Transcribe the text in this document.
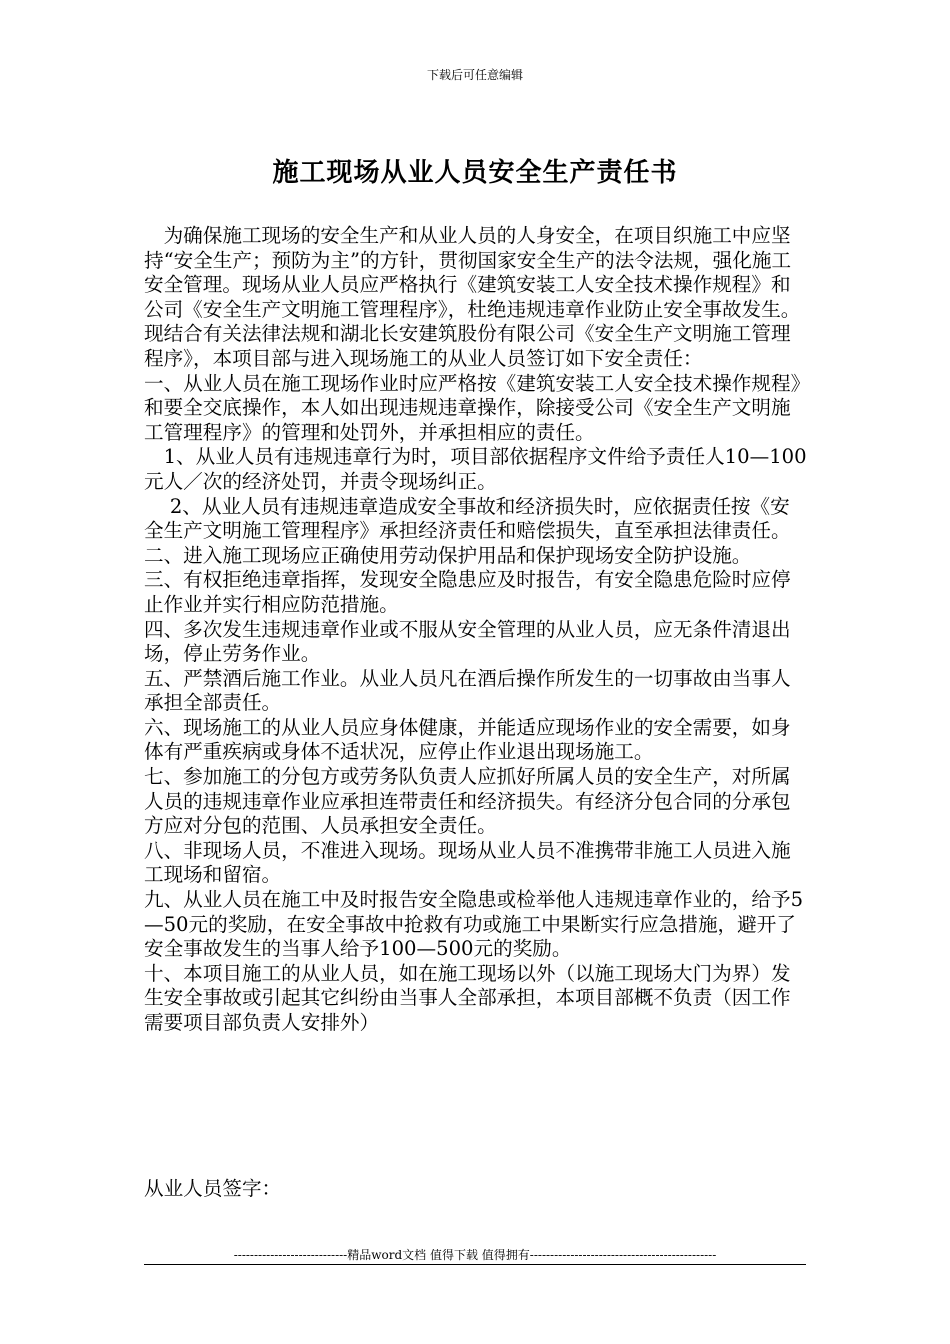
下载后可任意编辑
施工现场从业人员安全生产责任书

　为确保施工现场的安全生产和从业人员的人身安全，在项目织施工中应坚持“安全生产；预防为主”的方针，贯彻国家安全生产的法令法规，强化施工安全管理。现场从业人员应严格执行《建筑安装工人安全技术操作规程》和公司《安全生产文明施工管理程序》，杜绝违规违章作业防止安全事故发生。现结合有关法律法规和湖北长安建筑股份有限公司《安全生产文明施工管理程序》，本项目部与进入现场施工的从业人员签订如下安全责任：

一、从业人员在施工现场作业时应严格按《建筑安装工人安全技术操作规程》和要全交底操作，本人如出现违规违章操作，除接受公司《安全生产文明施工管理程序》的管理和处罚外，并承担相应的责任。

　1、从业人员有违规违章行为时，项目部依据程序文件给予责任人10—100元人／次的经济处罚，并责令现场纠正。

　 2、从业人员有违规违章造成安全事故和经济损失时，应依据责任按《安全生产文明施工管理程序》承担经济责任和赔偿损失，直至承担法律责任。

二、进入施工现场应正确使用劳动保护用品和保护现场安全防护设施。

三、有权拒绝违章指挥，发现安全隐患应及时报告，有安全隐患危险时应停止作业并实行相应防范措施。

四、多次发生违规违章作业或不服从安全管理的从业人员，应无条件清退出场，停止劳务作业。

五、严禁酒后施工作业。从业人员凡在酒后操作所发生的一切事故由当事人承担全部责任。

六、现场施工的从业人员应身体健康，并能适应现场作业的安全需要，如身体有严重疾病或身体不适状况，应停止作业退出现场施工。

七、参加施工的分包方或劳务队负责人应抓好所属人员的安全生产，对所属人员的违规违章作业应承担连带责任和经济损失。有经济分包合同的分承包方应对分包的范围、人员承担安全责任。

八、非现场人员，不准进入现场。现场从业人员不准携带非施工人员进入施工现场和留宿。

九、从业人员在施工中及时报告安全隐患或检举他人违规违章作业的，给予5—50元的奖励，在安全事故中抢救有功或施工中果断实行应急措施，避开了安全事故发生的当事人给予100—500元的奖励。

十、本项目施工的从业人员，如在施工现场以外（以施工现场大门为界）发生安全事故或引起其它纠纷由当事人全部承担，本项目部概不负责（因工作需要项目部负责人安排外）

从业人员签字：
----------------------------精品word文档 值得下载 值得拥有----------------------------------------------
